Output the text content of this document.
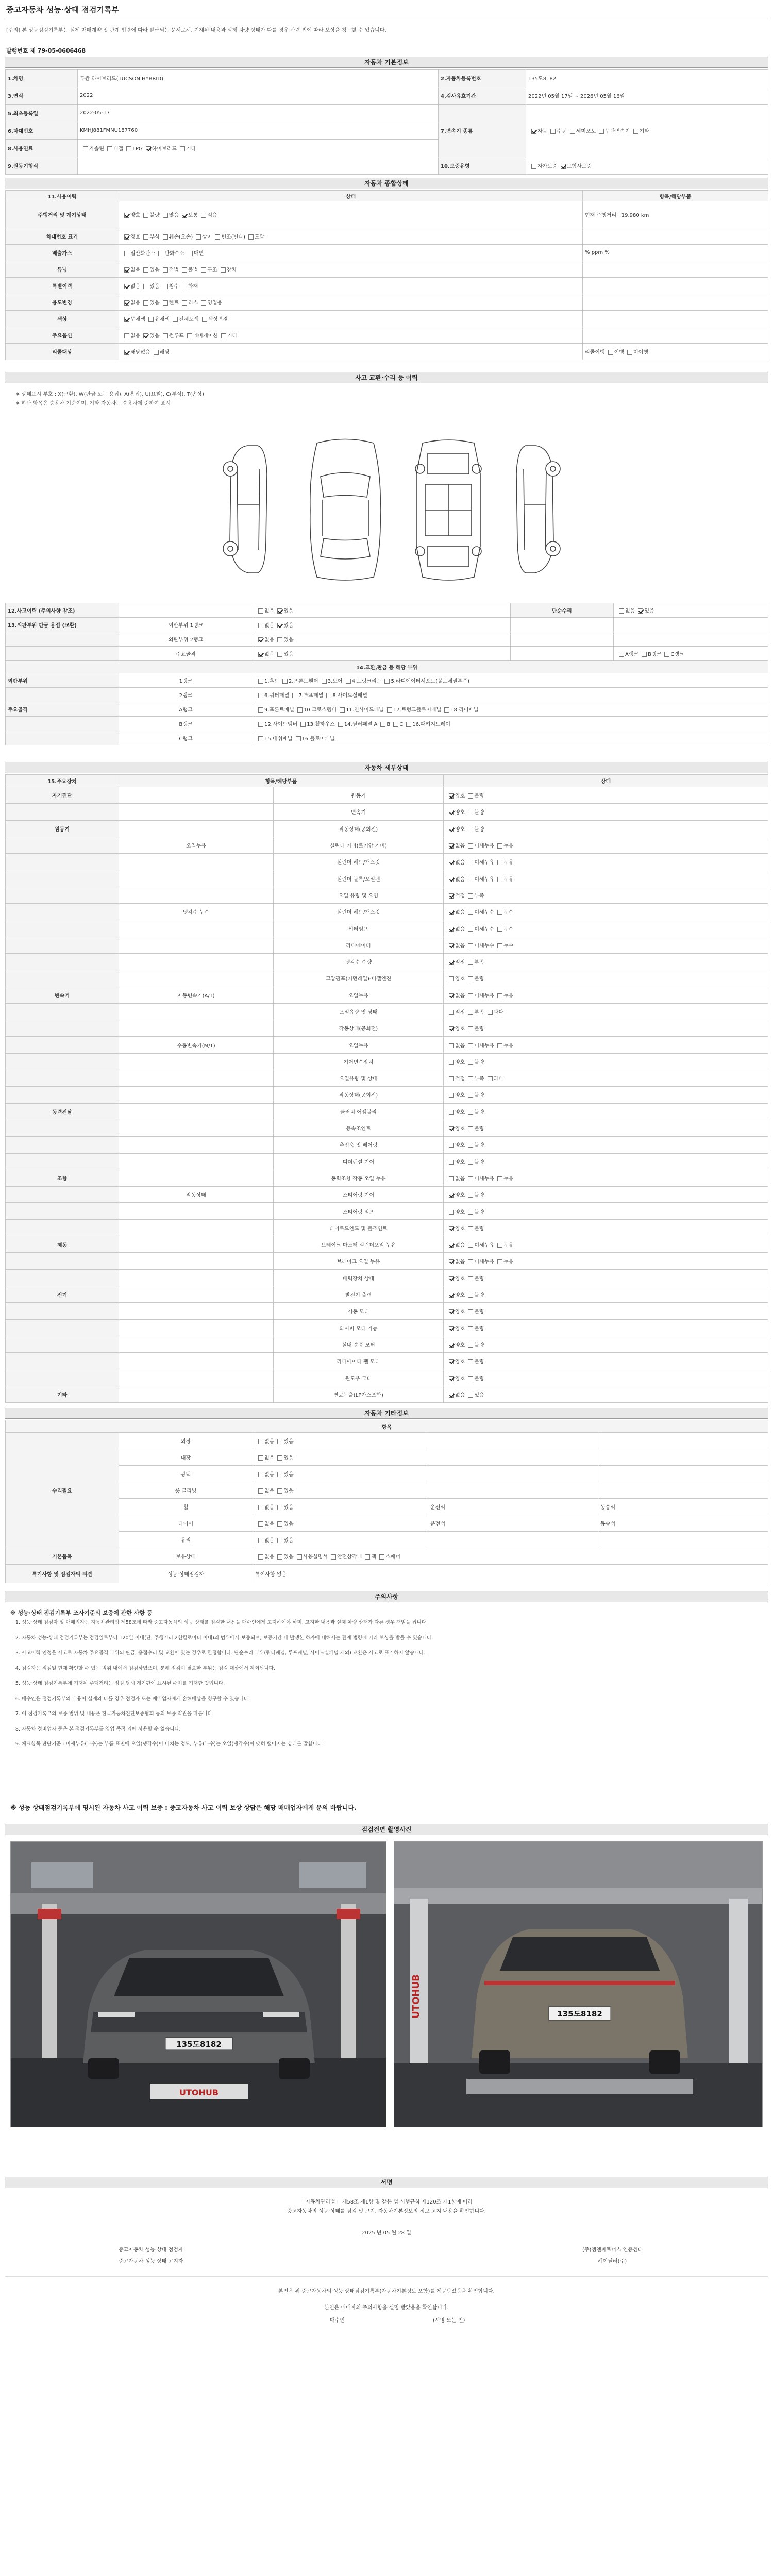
중고자동차 성능·상태 점검기록부
[주의] 본 성능점검기록부는 실제 매매계약 및 관계 법령에 따라 발급되는 문서로서, 기재된 내용과 실제 차량 상태가 다를 경우 관련 법에 따라 보상을 청구할 수 있습니다.
발행번호 제 79-05-0606468
자동차 기본정보
1.차명	투싼 하이브리드(TUCSON HYBRID)	2.자동차등록번호	135도8182
3.연식	2022	4.검사유효기간	2022년 05월 17일 ~ 2026년 05월 16일
5.최초등록일	2022-05-17	7.변속기 종류	자동 수동 세미오토 무단변속기 기타
6.차대번호	KMHJ881FMNU187760		
8.사용연료	가솔린 디젤 LPG 하이브리드 기타		
9.원동기형식		10.보증유형	자가보증 보험사보증
자동차 종합상태
11.사용이력	상태	항목/해당부품
주행거리 및 계기상태	양호 불량 많음 보통 적음	현재 주행거리 19,980 km
차대번호 표기	양호 부식 훼손(오손) 상이 변조(변타) 도말	
배출가스	일산화탄소 탄화수소 매연	% ppm %
튜닝	없음 있음 적법 불법 구조 장치	
특별이력	없음 있음 침수 화재	
용도변경	없음 있음 렌트 리스 영업용	
색상	무채색 유채색 전체도색 색상변경	
주요옵션	없음 있음 썬루프 네비게이션 기타	
리콜대상	해당없음 해당	리콜이행 이행 미이행
사고 교환·수리 등 이력
※ 상태표시 부호 : X(교환), W(판금 또는 용접), A(흠집), U(요철), C(부식), T(손상)
※ 하단 항목은 승용차 기준이며, 기타 자동차는 승용차에 준하여 표시
12.사고이력 (주의사항 참조)		없음 있음	단순수리	없음 있음
13.외판부위 판금 용접 (교환)	외판부위 1랭크	없음 있음		
	외판부위 2랭크	없음 있음		
	주요골격	없음 있음		A랭크 B랭크 C랭크
14.교환,판금 등 해당 부위				
외판부위	1랭크	1.후드 2.프론트휀더 3.도어 4.트렁크리드 5.라디에이터서포트(볼트체결부품)		
	2랭크	6.쿼터패널 7.루프패널 8.사이드실패널		
주요골격	A랭크	9.프론트패널 10.크로스멤버 11.인사이드패널 17.트렁크플로어패널 18.리어패널		
	B랭크	12.사이드멤버 13.휠하우스 14.필러패널 A B C 16.패키지트레이		
	C랭크	15.대쉬패널 16.플로어패널		
자동차 세부상태
15.주요장치	항목/해당부품		상태
자기진단		원동기	양호 불량
		변속기	양호 불량
원동기		작동상태(공회전)	양호 불량
	오일누유	실린더 커버(로커암 커버)	없음 미세누유 누유
		실린더 헤드/개스킷	없음 미세누유 누유
		실린더 블록/오일팬	없음 미세누유 누유
		오일 유량 및 오염	적정 부족
	냉각수 누수	실린더 헤드/개스킷	없음 미세누수 누수
		워터펌프	없음 미세누수 누수
		라디에이터	없음 미세누수 누수
		냉각수 수량	적정 부족
		고압펌프(커먼레일)-디젤엔진	양호 불량
변속기	자동변속기(A/T)	오일누유	없음 미세누유 누유
		오일유량 및 상태	적정 부족 과다
		작동상태(공회전)	양호 불량
	수동변속기(M/T)	오일누유	없음 미세누유 누유
		기어변속장치	양호 불량
		오일유량 및 상태	적정 부족 과다
		작동상태(공회전)	양호 불량
동력전달		클러치 어셈블리	양호 불량
		등속조인트	양호 불량
		추진축 및 베어링	양호 불량
		디퍼렌셜 기어	양호 불량
조향		동력조향 작동 오일 누유	없음 미세누유 누유
	작동상태	스티어링 기어	양호 불량
		스티어링 펌프	양호 불량
		타이로드엔드 및 볼조인트	양호 불량
제동		브레이크 마스터 실린더오일 누유	없음 미세누유 누유
		브레이크 오일 누유	없음 미세누유 누유
		배력장치 상태	양호 불량
전기		발전기 출력	양호 불량
		시동 모터	양호 불량
		와이퍼 모터 기능	양호 불량
		실내 송풍 모터	양호 불량
		라디에이터 팬 모터	양호 불량
		윈도우 모터	양호 불량
기타		연료누출(LP가스포함)	없음 있음
자동차 기타정보
항목				
수리필요	외장	없음 있음		
	내장	없음 있음		
	광택	없음 있음		
	룸 클리닝	없음 있음		
	휠	없음 있음	운전석	동승석
	타이어	없음 있음	운전석	동승석
	유리	없음 있음		
기본품목	보유상태	없음 있음 사용설명서 안전삼각대 잭 스패너		
특기사항 및 점검자의 의견	성능·상태점검자	특이사항 없음		
주의사항
※ 성능·상태 점검기록부 조사기준의 보증에 관한 사항 등
1. 성능·상태 점검자 및 매매업자는 자동차관리법 제58조에 따라 중고자동차의 성능·상태를 점검한 내용을 매수인에게 고지하여야 하며, 고지한 내용과 실제 차량 상태가 다른 경우 책임을 집니다.
2. 자동차 성능·상태 점검기록부는 점검일로부터 120일 이내(단, 주행거리 2천킬로미터 이내)의 범위에서 보증되며, 보증기간 내 발생한 하자에 대해서는 관계 법령에 따라 보상을 받을 수 있습니다.
3. 사고이력 인정은 사고로 자동차 주요골격 부위의 판금, 용접수리 및 교환이 있는 경우로 한정합니다. 단순수리 부위(쿼터패널, 루프패널, 사이드실패널 제외) 교환은 사고로 표기하지 않습니다.
4. 점검자는 점검일 현재 확인할 수 있는 범위 내에서 점검하였으며, 분해 점검이 필요한 부위는 점검 대상에서 제외됩니다.
5. 성능·상태 점검기록부에 기재된 주행거리는 점검 당시 계기판에 표시된 수치를 기재한 것입니다.
6. 매수인은 점검기록부의 내용이 실제와 다를 경우 점검자 또는 매매업자에게 손해배상을 청구할 수 있습니다.
7. 이 점검기록부의 보증 범위 및 내용은 한국자동차진단보증협회 등의 보증 약관을 따릅니다.
8. 자동차 정비업자 등은 본 점검기록부를 영업 목적 외에 사용할 수 없습니다.
9. 체크항목 판단기준 : 미세누유(누수)는 부품 표면에 오일(냉각수)이 비치는 정도, 누유(누수)는 오일(냉각수)이 맺혀 떨어지는 상태를 말합니다.
※ 성능 상태점검기록부에 명시된 자동차 사고 이력 보증 : 중고자동차 사고 이력 보상 상담은 해당 매매업자에게 문의 바랍니다.
점검전면 촬영사진
135도8182
UTOHUB
UTOHUB	135도8182
서명
「자동차관리법」 제58조 제1항 및 같은 법 시행규칙 제120조 제1항에 따라
중고자동차의 성능·상태를 점검 및 고지, 자동차기본정보의 정보 고지 내용을 확인합니다.
2025 년 05 월 28 일
중고자동차 성능·상태 점검자	(주)엠앤파트너스 인증센터
중고자동차 성능·상태 고지자	헤이딜러(주)
본인은 위 중고자동차의 성능·상태점검기록부(자동차기본정보 포함)를 제공받았음을 확인합니다.
본인은 매매자의 주의사항을 설명 받았음을 확인합니다.
매수인	(서명 또는 인)
